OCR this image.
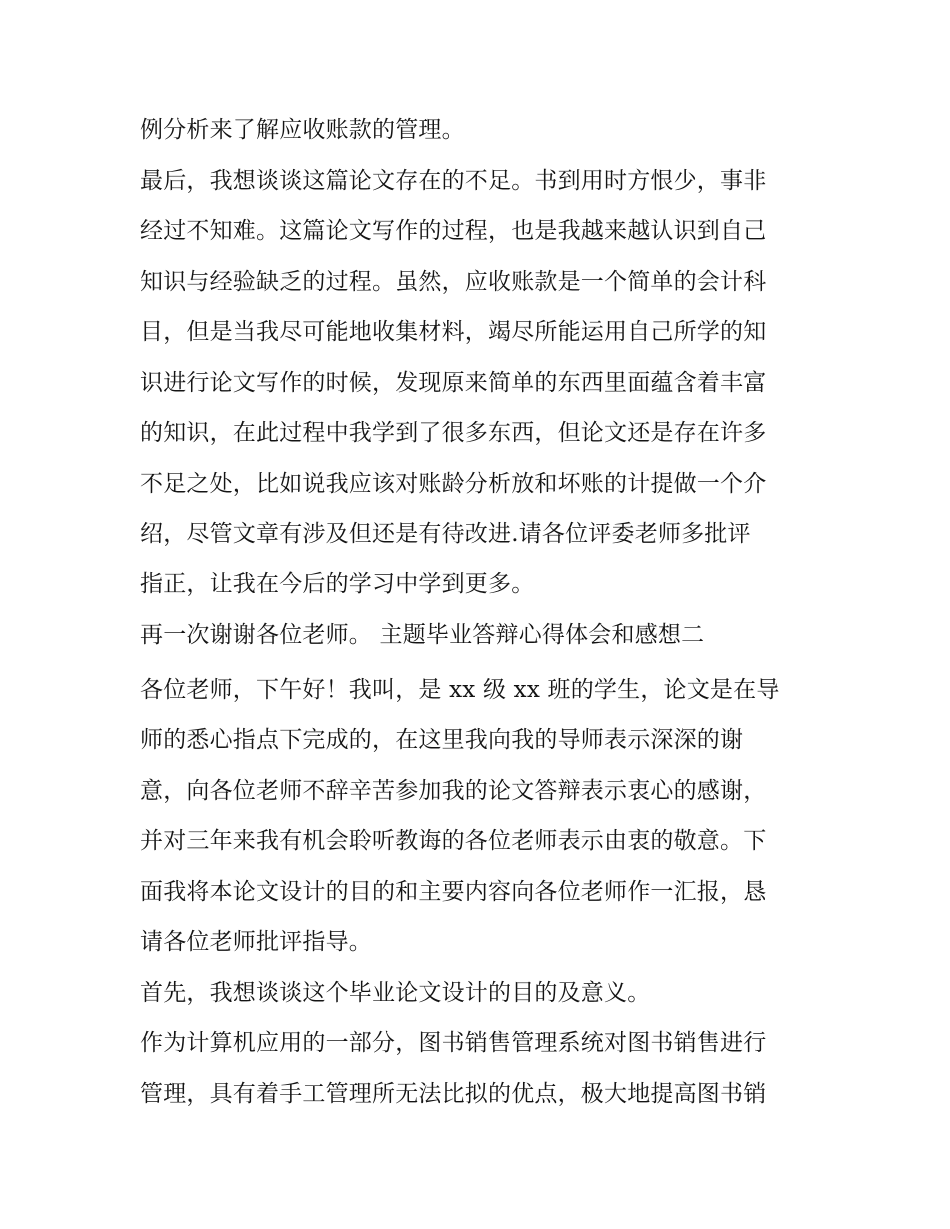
例分析来了解应收账款的管理。

最后，我想谈谈这篇论文存在的不足。书到用时方恨少，事非

经过不知难。这篇论文写作的过程，也是我越来越认识到自己

知识与经验缺乏的过程。虽然，应收账款是一个简单的会计科

目，但是当我尽可能地收集材料，竭尽所能运用自己所学的知

识进行论文写作的时候，发现原来简单的东西里面蕴含着丰富

的知识，在此过程中我学到了很多东西，但论文还是存在许多

不足之处，比如说我应该对账龄分析放和坏账的计提做一个介

绍，尽管文章有涉及但还是有待改进.请各位评委老师多批评

指正，让我在今后的学习中学到更多。

再一次谢谢各位老师。 主题毕业答辩心得体会和感想二

各位老师，下午好！我叫，是 xx 级 xx 班的学生，论文是在导

师的悉心指点下完成的，在这里我向我的导师表示深深的谢

意，向各位老师不辞辛苦参加我的论文答辩表示衷心的感谢，

并对三年来我有机会聆听教诲的各位老师表示由衷的敬意。下

面我将本论文设计的目的和主要内容向各位老师作一汇报，恳

请各位老师批评指导。

首先，我想谈谈这个毕业论文设计的目的及意义。

作为计算机应用的一部分，图书销售管理系统对图书销售进行

管理，具有着手工管理所无法比拟的优点，极大地提高图书销
